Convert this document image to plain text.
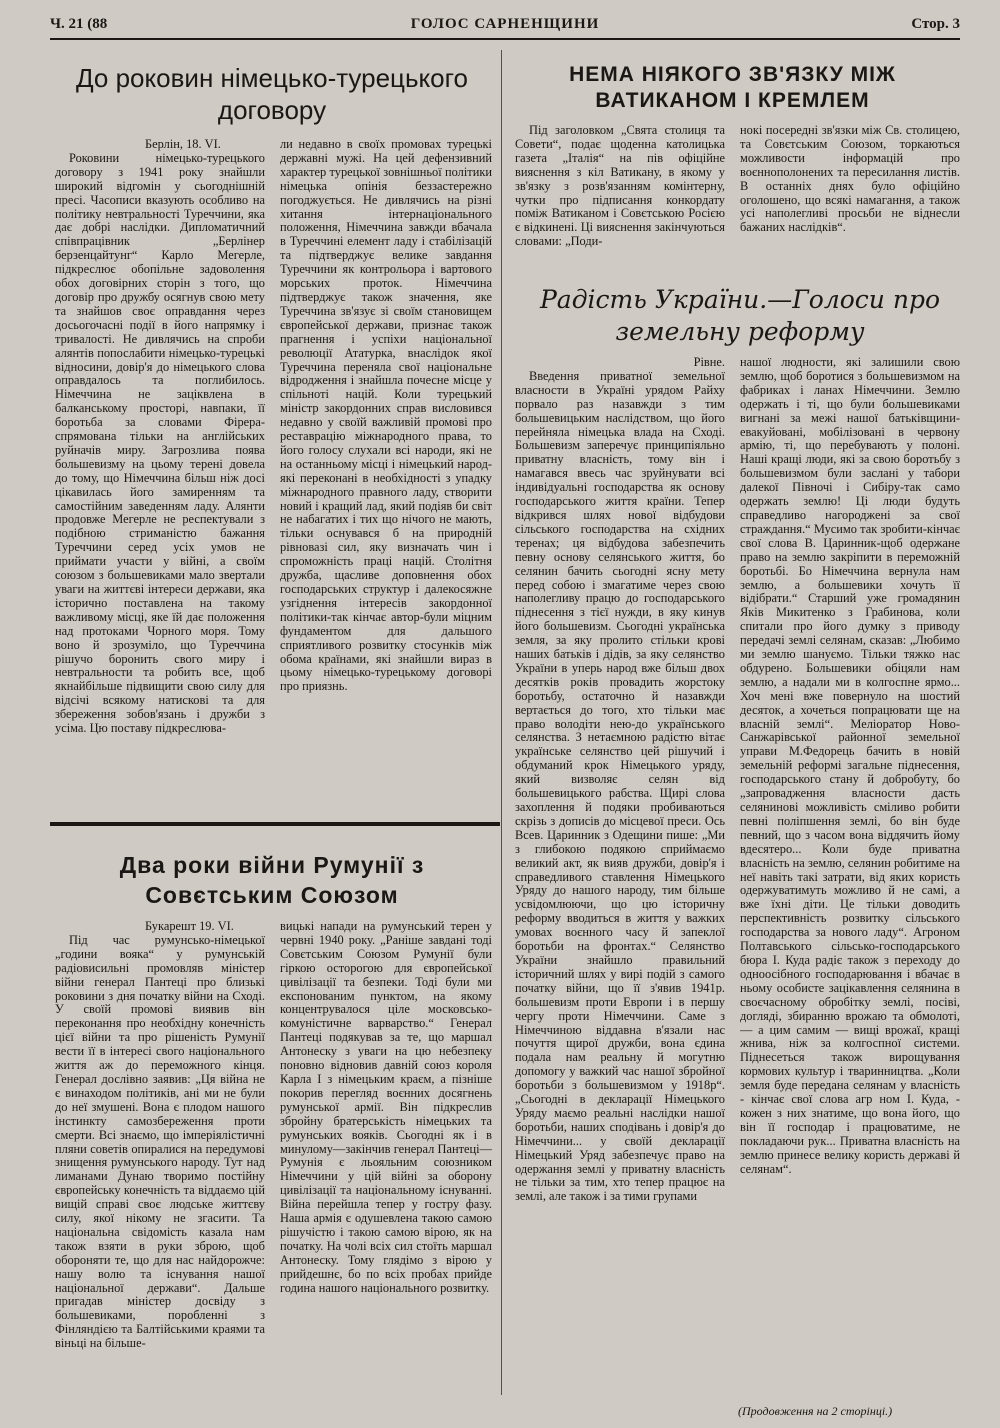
Ч. 21 (88	ГОЛОС САРНЕНЩИНИ	Стор. 3
До роковин німецько-турецького договору

Берлін, 18. VI.

Роковини німецько-турецького договору з 1941 року знайшли широкий відгомін у сьогоднішній пресі. Часописи вказують особливо на політику невтральності Туреччини, яка дає добрі наслідки. Дипломатичний співпрацівник „Берлінер берзенцайтунг“ Карло Мегерле, підкреслює обопільне задоволення обох договірних сторін з того, що договір про дружбу осягнув свою мету та знайшов своє оправдання через досьогочасні події в його напрямку і тривалості. Не дивлячись на спроби алянтів попослабити німецько-турецькі відносини, довір'я до німецького слова оправдалось та поглибилось. Німеччина не заціквлена в балканському просторі, навпаки, її боротьба за словами Фірера-спрямована тільки на англійських руйначів миру. Загрозлива поява большевизму на цьому терені довела до тому, що Німеччина більш ніж досі цікавилась його замиренням та самостійним заведенням ладу. Алянти продовже Мегерле не респектували з подібною стриманістю бажання Туреччини серед усіх умов не приймати участи у війні, а своїм союзом з большевиками мало звертали уваги на життєві інтереси держави, яка історично поставлена на такому важливому місці, яке їй дає положення над протоками Чорного моря. Тому воно й зрозуміло, що Туреччина рішучо боронить свого миру і невтральности та робить все, щоб якнайбільше підвищити свою силу для відсічі всякому натискові та для збереження зобов'язань і дружби з усіма. Цю поставу підкреслюва-

ли недавно в своїх промовах турецькі державні мужі. На цей дефензивний характер турецької зовнішньої політики німецька опінія беззастережно погоджується. Не дивлячись на різні хитання інтернаціонального положення, Німеччина завжди вбачала в Туреччині елемент ладу і стабілізацій та підтверджує велике завдання Туреччини як контрольора і вартового морських проток. Німеччина підтверджує також значення, яке Туреччина зв'язує зі своїм становищем європейської держави, признає також прагнення і успіхи національної революції Ататурка, внаслідок якої Туреччина переняла свої національне відродження і знайшла почесне місце у спільноті націй. Коли турецький міністр закордонних справ висловився недавно у своїй важливій промові про реставрацію міжнародного права, то його голосу слухали всі народи, які не на останньому місці і німецький народ-які переконані в необхідності з упадку міжнародного правного ладу, створити новий і кращий лад, який подіяв би світ не набагатих і тих що нічого не мають, тільки оснувався б на природній рівновазі сил, яку визначать чин і спроможність праці націй. Столітня дружба, щасливе доповнення обох господарських структур і далекосяжне узгіднення інтересів закордонної політики-так кінчає автор-були міцним фундаментом для дальшого сприятливого розвитку стосунків між обома країнами, які знайшли вираз в цьому німецько-турецькому договорі про приязнь.

Два роки війни Румунії з Совєтським Союзом

Букарешт 19. VI.

Під час румунсько-німецької „години вояка“ у румунській радіовисильні промовляв міністер війни генерал Пантеці про близькі роковини з дня початку війни на Сході. У своїй промові виявив він переконання про необхідну конечність цієї війни та про рішеність Румунії вести її в інтересі свого національного життя аж до переможного кінця. Генерал дослівно заявив: „Ця війна не є винаходом політиків, ані ми не були до неї змушені. Вона є плодом нашого інстинкту самозбереження проти смерти. Всі знаємо, що імперіялістичні пляни советів опиралися на передумові знищення румунського народу. Тут над лиманами Дунаю творимо постійну європейську конечність та віддаємо цій вищій справі своє людське життєву силу, якої нікому не згасити. Та національна свідомість казала нам також взяти в руки зброю, щоб обороняти те, що для нас найдорожче: нашу волю та існування нашої національної держави“. Дальше пригадав міністер досвіду з большевиками, поробленні з Фінляндією та Балтійськими краями та віньці на більше-

вицькі напади на румунський терен у червні 1940 року. „Раніше завдані тоді Совєтським Союзом Румунії були гіркою осторогою для європейської цивілізації та безпеки. Тоді були ми експонованим пунктом, на якому концентрувалося ціле московсько-комуністичне варварство.“ Генерал Пантеці подякував за те, що маршал Антонеску з уваги на цю небезпеку поновно відновив давній союз короля Карла І з німецьким краєм, а пізніше покорив перегляд воєнних досягнень румунської армії. Він підкреслив збройну братерськість німецьких та румунських вояків. Сьогодні як і в минулому—закінчив генерал Пантеці—Румунія є льояльним союзником Німеччини у цій війні за оборону цивілізації та національному існуванні. Війна перейшла тепер у гостру фазу. Наша армія є одушевлена такою самою рішучістю і такою самою вірою, як на початку. На чолі всіх сил стоїть маршал Антонеску. Тому глядімо з вірою у прийдешнє, бо по всіх пробах прийде година нашого національного розвитку.

НЕМА НІЯКОГО ЗВ'ЯЗКУ МІЖ ВАТИКАНОМ І КРЕМЛЕМ

Під заголовком „Свята столиця та Совети“, подає щоденна католицька газета „Італія“ на пів офіційне вияснення з кіл Ватикану, в якому у зв'язку з розв'язанням комінтерну, чутки про підписання конкордату поміж Ватиканом і Совєтською Росією є відкинені. Ці вияснення закінчуються словами: „Поди-

нокі посередні зв'язки між Св. столицею, та Совєтським Союзом, торкаються можливости інформацій про воєннополонених та пересилання листів. В останніх днях було офіційно оголошено, що всякі намагання, а також усі наполегливі просьби не віднесли бажаних наслідків“.

Радість України.—Голоси про земельну реформу

Рівне.

Введення приватної земельної власности в Україні урядом Райху порвало раз назавжди з тим большевицьким наслідством, що його перейняла німецька влада на Сході. Большевизм заперечує принципіяльно приватну власність, тому він і намагався ввесь час зруйнувати всі індивідуальні господарства як основу господарського життя країни. Тепер відкрився шлях нової відбудови сільського господарства на східних теренах; ця відбудова забезпечить певну основу селянського життя, бо селянин бачить сьогодні ясну мету перед собою і змагатиме через свою наполегливу працю до господарського піднесення з тієї нужди, в яку кинув його большевизм. Сьогодні українська земля, за яку пролито стільки крові наших батьків і дідів, за яку селянство України в уперь народ вже більш двох десятків років провадить жорстоку боротьбу, остаточно й назавжди вертається до того, хто тільки має право володіти нею-до українського селянства. З нетаємною радістю вітає українське селянство цей рішучий і обдуманий крок Німецького уряду, який визволяє селян від большевицького рабства. Щирі слова захоплення й подяки пробиваються скрізь з дописів до місцевої преси. Ось Всев. Царинник з Одещини пише: „Ми з глибокою подякою сприймаємо великий акт, як вияв дружби, довір'я і справедливого ставлення Німецького Уряду до нашого народу, тим більше усвідомлюючи, що цю історичну реформу вводиться в життя у важких умовах воєнного часу й запеклої боротьби на фронтах.“ Селянство України знайшло правильний історичний шлях у вирі подій з самого початку війни, що її з'явив 1941р. большевизм проти Европи і в першу чергу проти Німеччини. Саме з Німеччиною віддавна в'язали нас почуття щирої дружби, вона єдина подала нам реальну й могутню допомогу у важкий час нашої збройної боротьби з большевизмом у 1918р“. „Сьогодні в декларації Німецького Уряду маємо реальні наслідки нашої боротьби, наших сподівань і довір'я до Німеччини... у своїй декларації Німецький Уряд забезпечує право на одержання землі у приватну власність не тільки за тим, хто тепер працює на землі, але також і за тими групами

нашої людности, які залишили свою землю, щоб боротися з большевизмом на фабриках і ланах Німеччини. Землю одержать і ті, що були большевиками вигнані за межі нашої батьківщини-евакуйовані, мобілізовані в червону армію, ті, що перебувають у полоні. Наші кращі люди, які за свою боротьбу з большевизмом були заслані у табори далекої Півночі і Сибіру-так само одержать землю! Ці люди будуть справедливо нагороджені за свої страждання.“ Мусимо так зробити-кінчає свої слова В. Царинник-щоб одержане право на землю закріпити в переможній боротьбі. Бо Німеччина вернула нам землю, а большевики хочуть її відібрати.“ Старший уже громадянин Яків Микитенко з Грабинова, коли спитали про його думку з приводу передачі землі селянам, сказав: „Любимо ми землю шануємо. Тільки тяжко нас обдурено. Большевики обіцяли нам землю, а надали ми в колгоспне ярмо... Хоч мені вже повернуло на шостий десяток, а хочеться попрацювати ще на власній землі“. Меліоратор Ново-Санжарівської районної земельної управи М.Федорець бачить в новій земельній реформі загальне піднесення, господарського стану й добробуту, бо „запровадження власности дасть селянинові можливість сміливо робити певні поліпшення землі, бо він буде певний, що з часом вона віддячить йому вдесятеро... Коли буде приватна власність на землю, селянин робитиме на неї навіть такі затрати, від яких користь одержуватимуть можливо й не самі, а вже їхні діти. Це тільки доводить перспективність розвитку сільського господарства за нового ладу“. Агроном Полтавського сільсько-господарського бюра І. Куда радіє також з переходу до одноосібного господарювання і вбачає в ньому особисте зацікавлення селянина в своєчасному обробітку землі, посіві, догляді, збиранню врожаю та обмолоті, — а цим самим — вищі врожаї, кращі жнива, ніж за колгоспної системи. Піднесеться також вирощування кормових культур і тваринництва. „Коли земля буде передана селянам у власність - кінчає свої слова агр ном І. Куда, - кожен з них знатиме, що вона його, що він її господар і працюватиме, не покладаючи рук... Приватна власність на землю принесе велику користь державі й селянам“.

(Продовження на 2 сторінці.)
